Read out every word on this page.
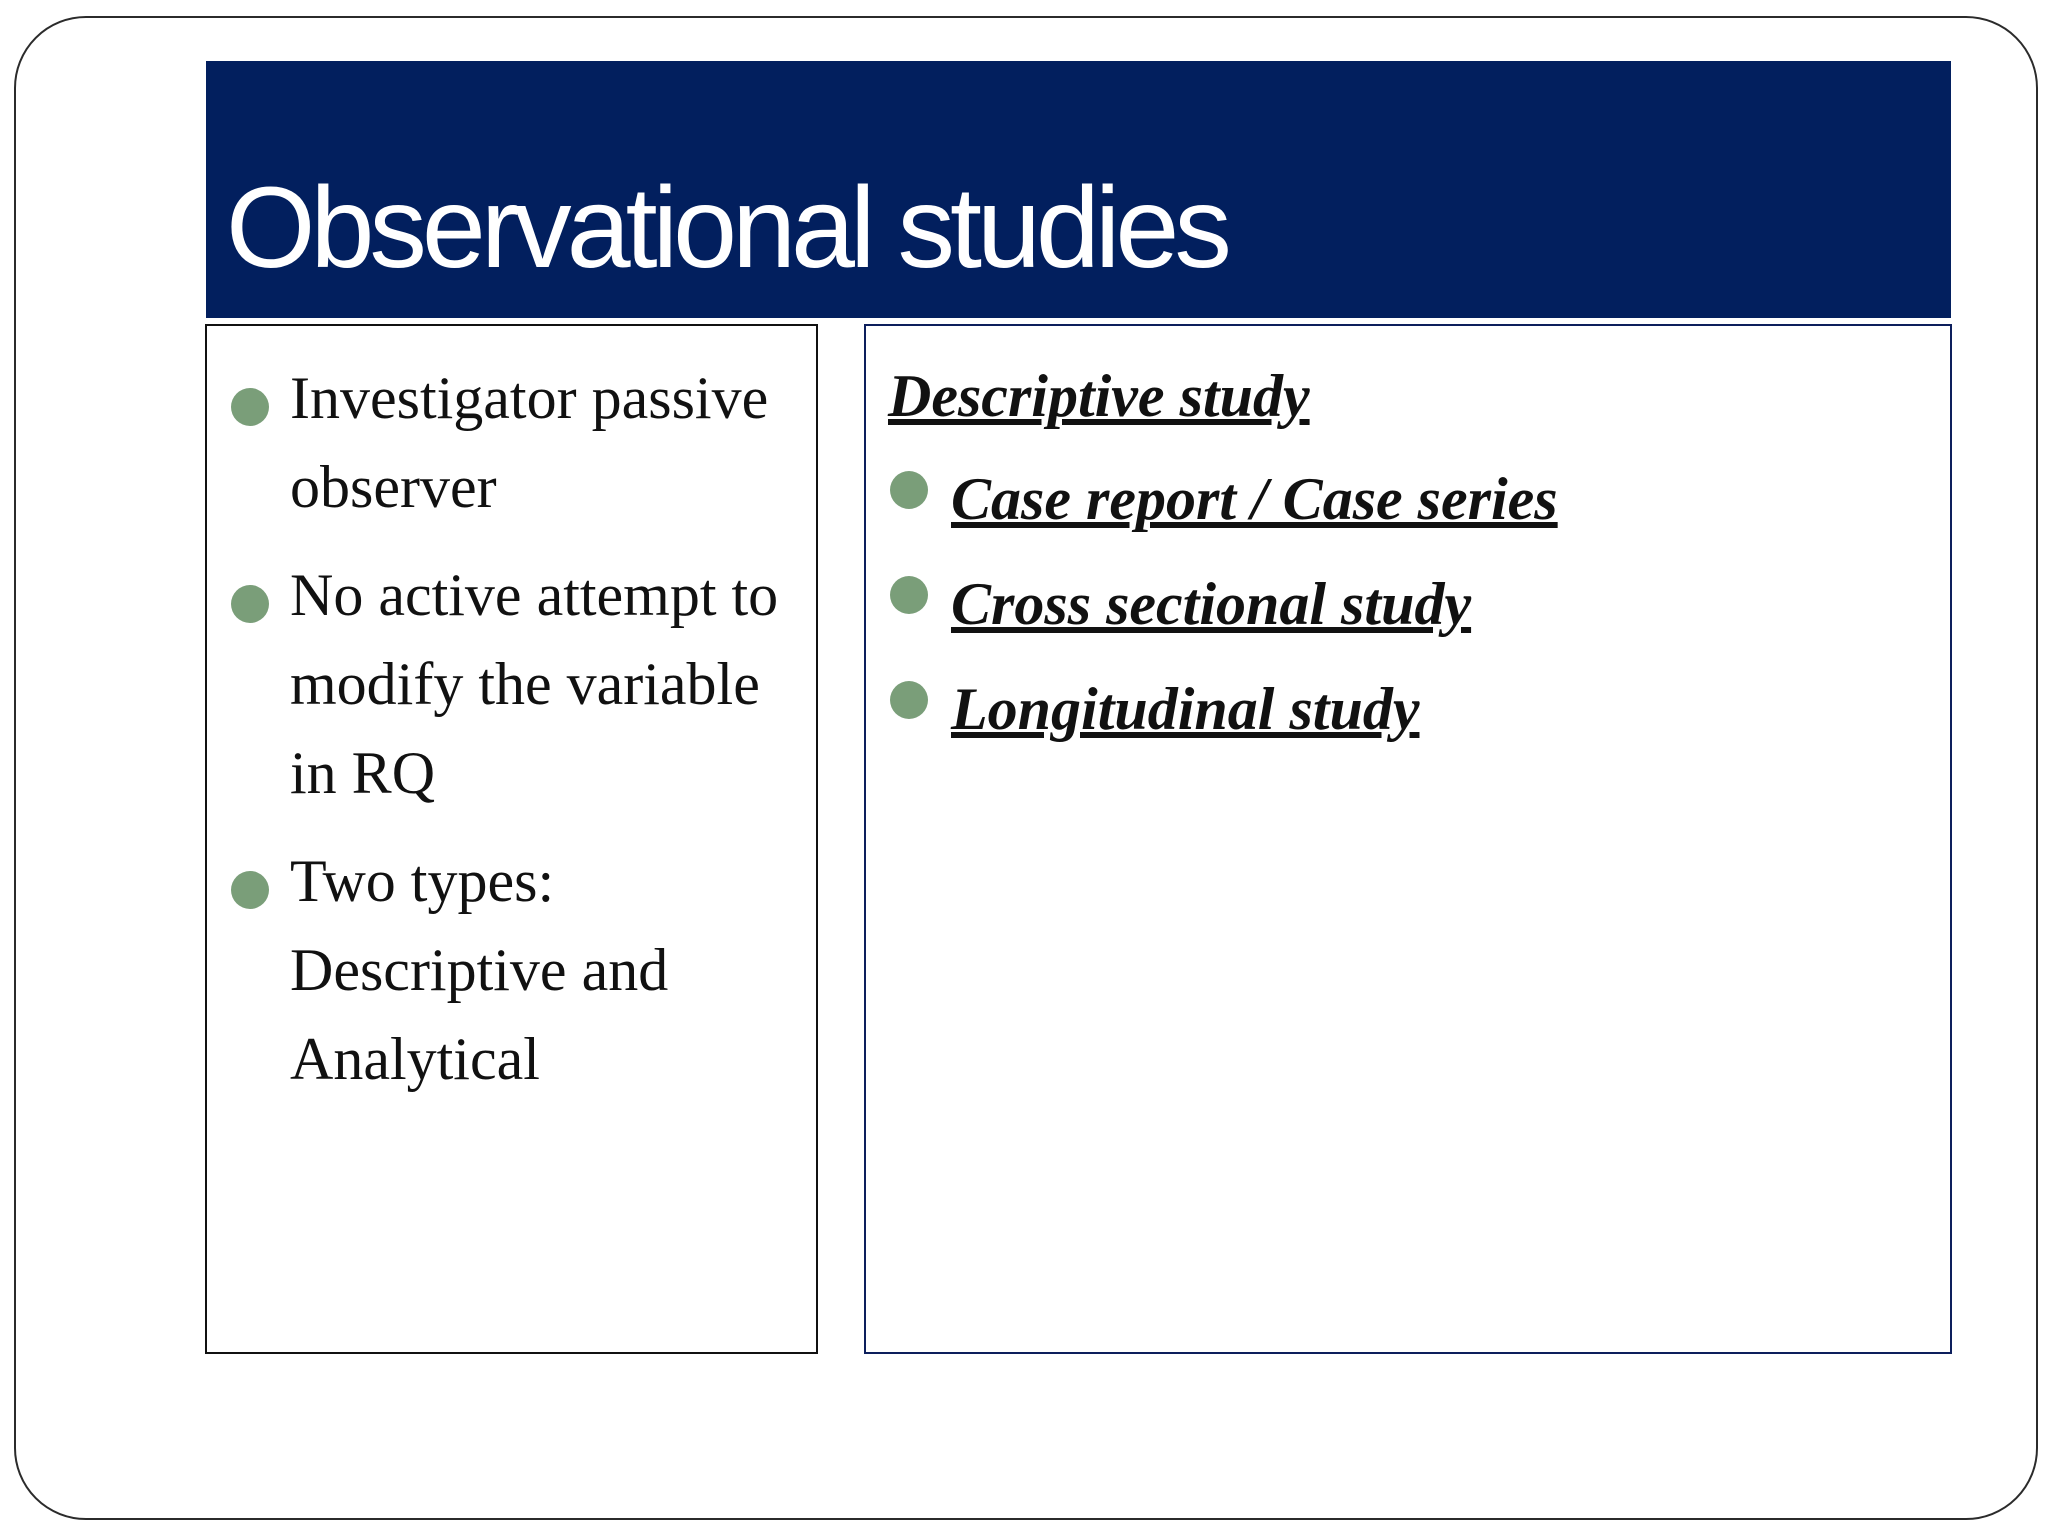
Observational studies
Investigator passive observer
No active attempt to modify the variable in RQ
Two types: Descriptive and Analytical

Descriptive study

Case report / Case series
Cross sectional study
Longitudinal study
